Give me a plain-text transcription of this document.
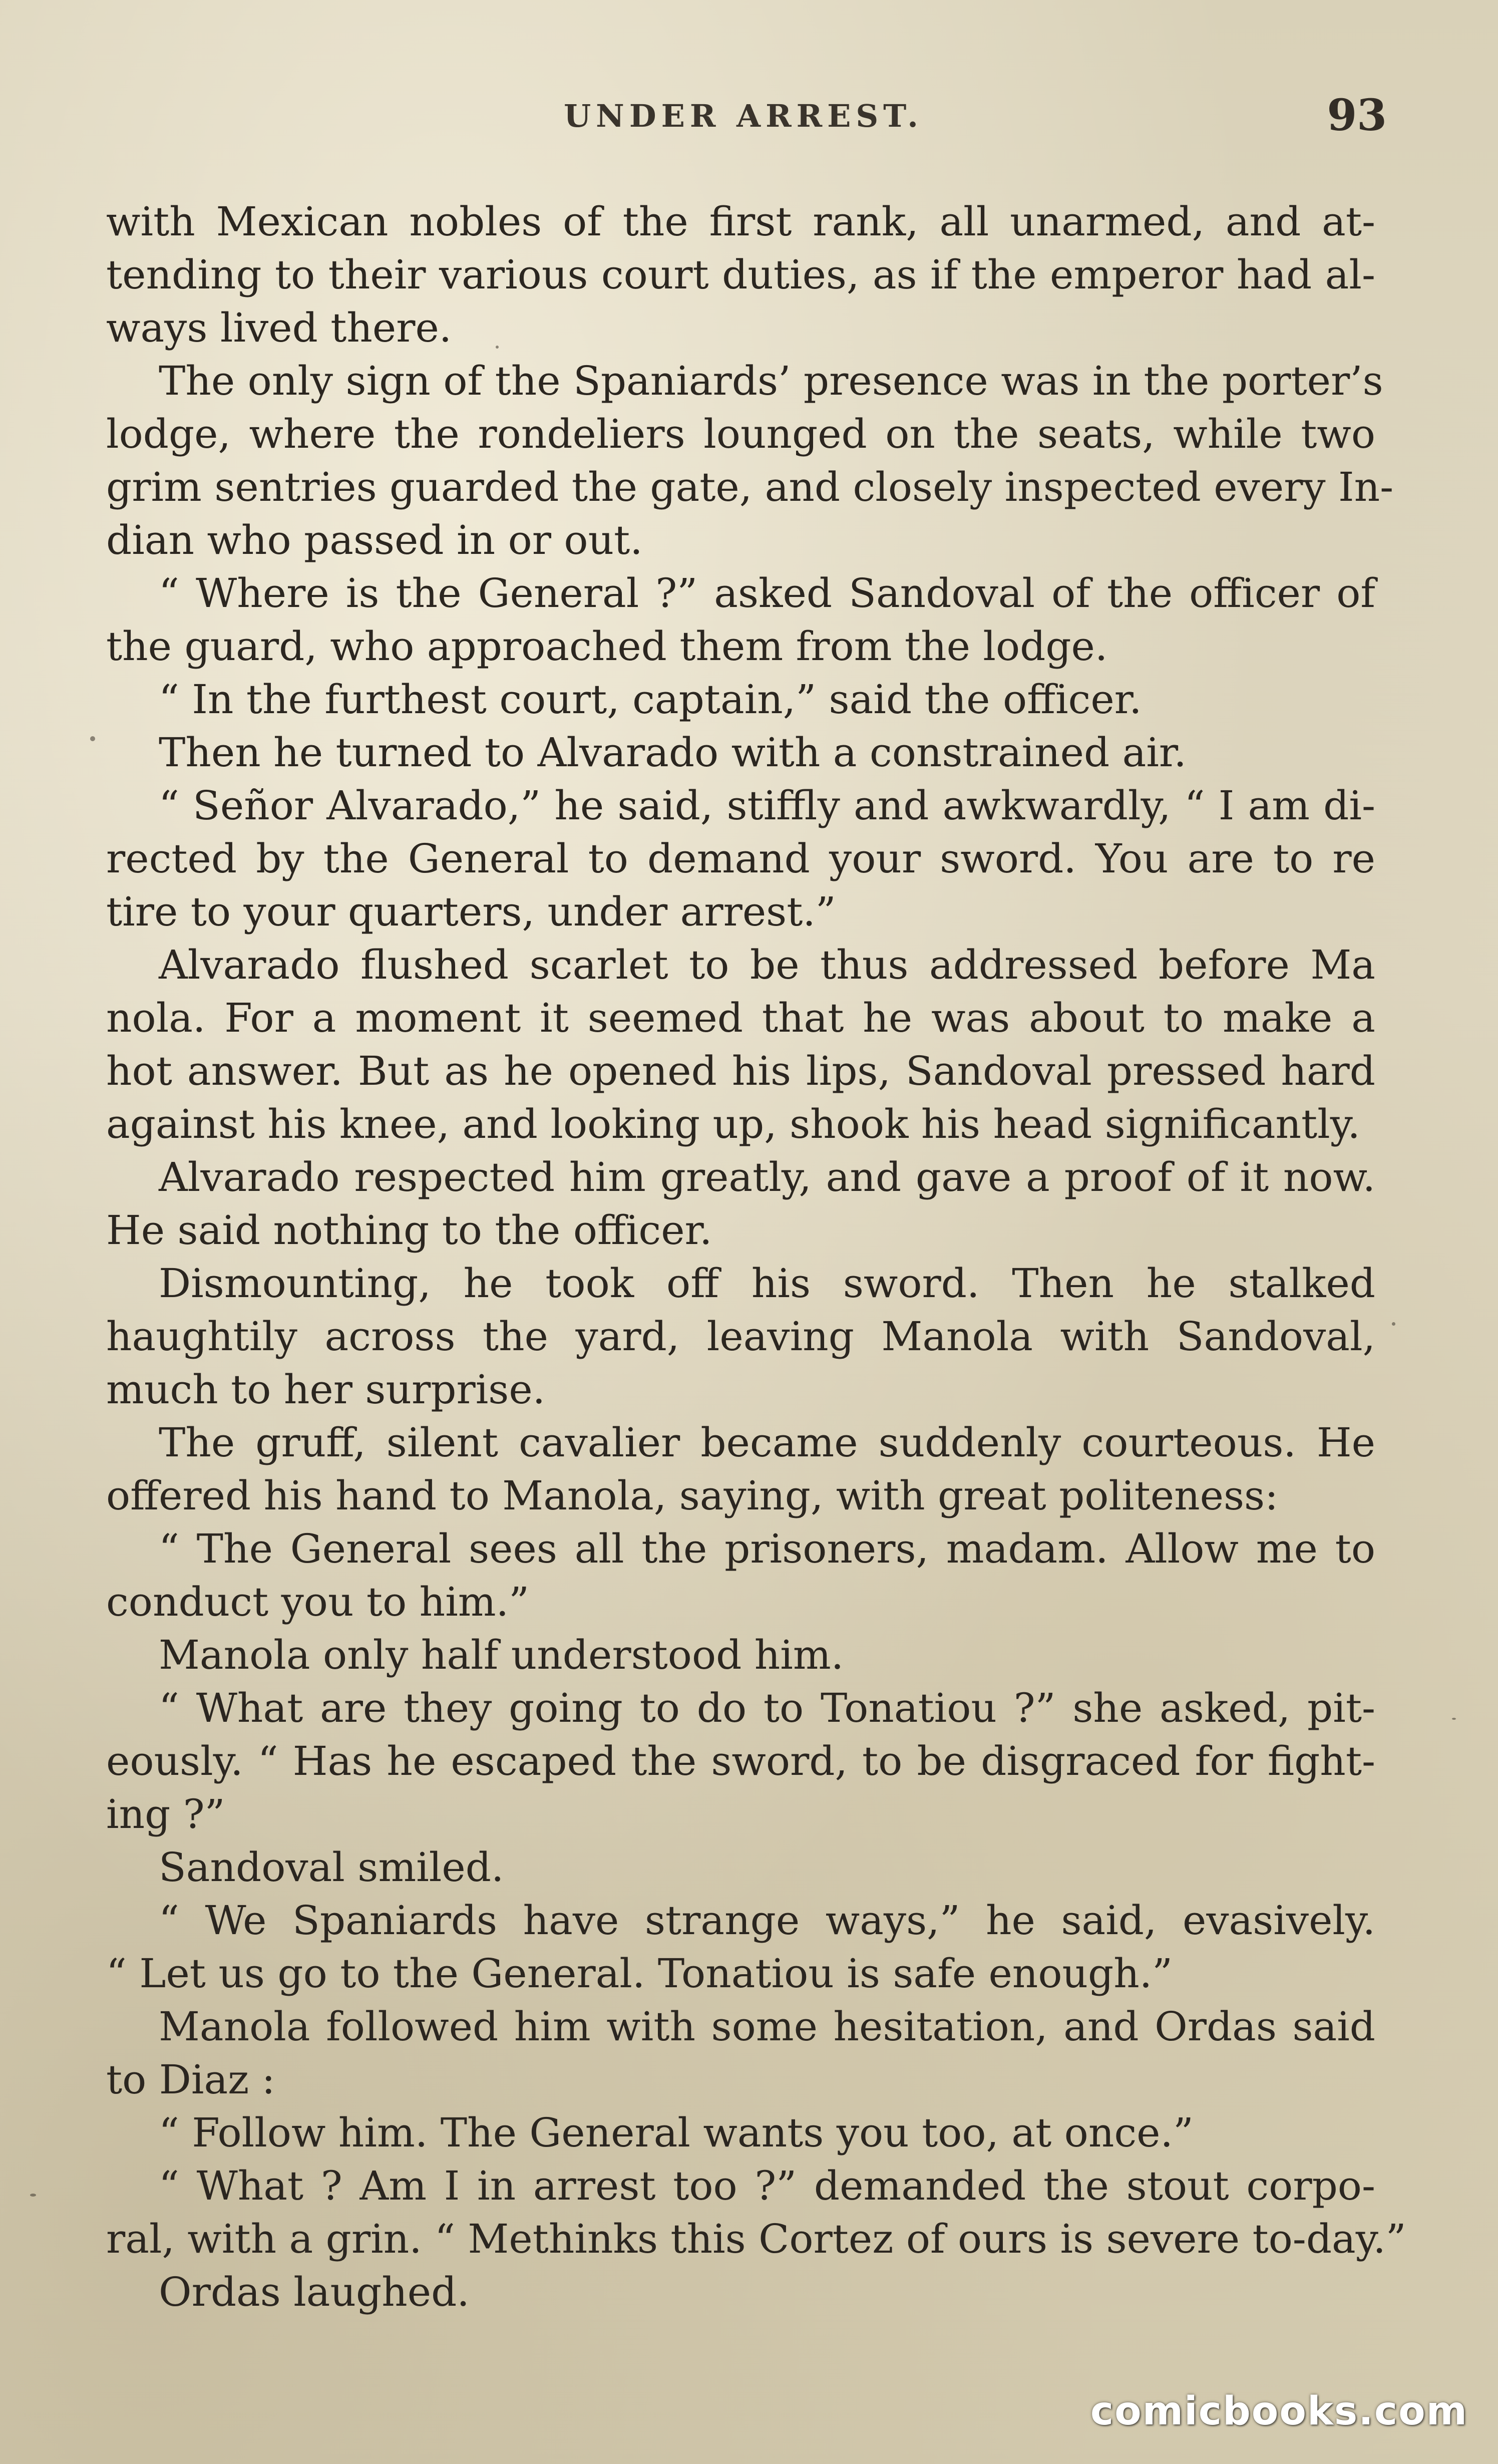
UNDER ARREST.	93
with Mexican nobles of the first rank, all unarmed, and at-
tending to their various court duties, as if the emperor had al-
ways lived there.
The only sign of the Spaniards’ presence was in the porter’s
lodge, where the rondeliers lounged on the seats, while two
grim sentries guarded the gate, and closely inspected every In-
dian who passed in or out.
“ Where is the General ?” asked Sandoval of the officer of
the guard, who approached them from the lodge.
“ In the furthest court, captain,” said the officer.
Then he turned to Alvarado with a constrained air.
“ Señor Alvarado,” he said, stiffly and awkwardly, “ I am di-
rected by the General to demand your sword. You are to re
tire to your quarters, under arrest.”
Alvarado flushed scarlet to be thus addressed before Ma
nola. For a moment it seemed that he was about to make a
hot answer. But as he opened his lips, Sandoval pressed hard
against his knee, and looking up, shook his head significantly.
Alvarado respected him greatly, and gave a proof of it now.
He said nothing to the officer.
Dismounting, he took off his sword. Then he stalked
haughtily across the yard, leaving Manola with Sandoval,
much to her surprise.
The gruff, silent cavalier became suddenly courteous. He
offered his hand to Manola, saying, with great politeness:
“ The General sees all the prisoners, madam. Allow me to
conduct you to him.”
Manola only half understood him.
“ What are they going to do to Tonatiou ?” she asked, pit-
eously. “ Has he escaped the sword, to be disgraced for fight-
ing ?”
Sandoval smiled.
“ We Spaniards have strange ways,” he said, evasively.
“ Let us go to the General. Tonatiou is safe enough.”
Manola followed him with some hesitation, and Ordas said
to Diaz :
“ Follow him. The General wants you too, at once.”
“ What ? Am I in arrest too ?” demanded the stout corpo-
ral, with a grin. “ Methinks this Cortez of ours is severe to-day.”
Ordas laughed.
comicbooks.com
